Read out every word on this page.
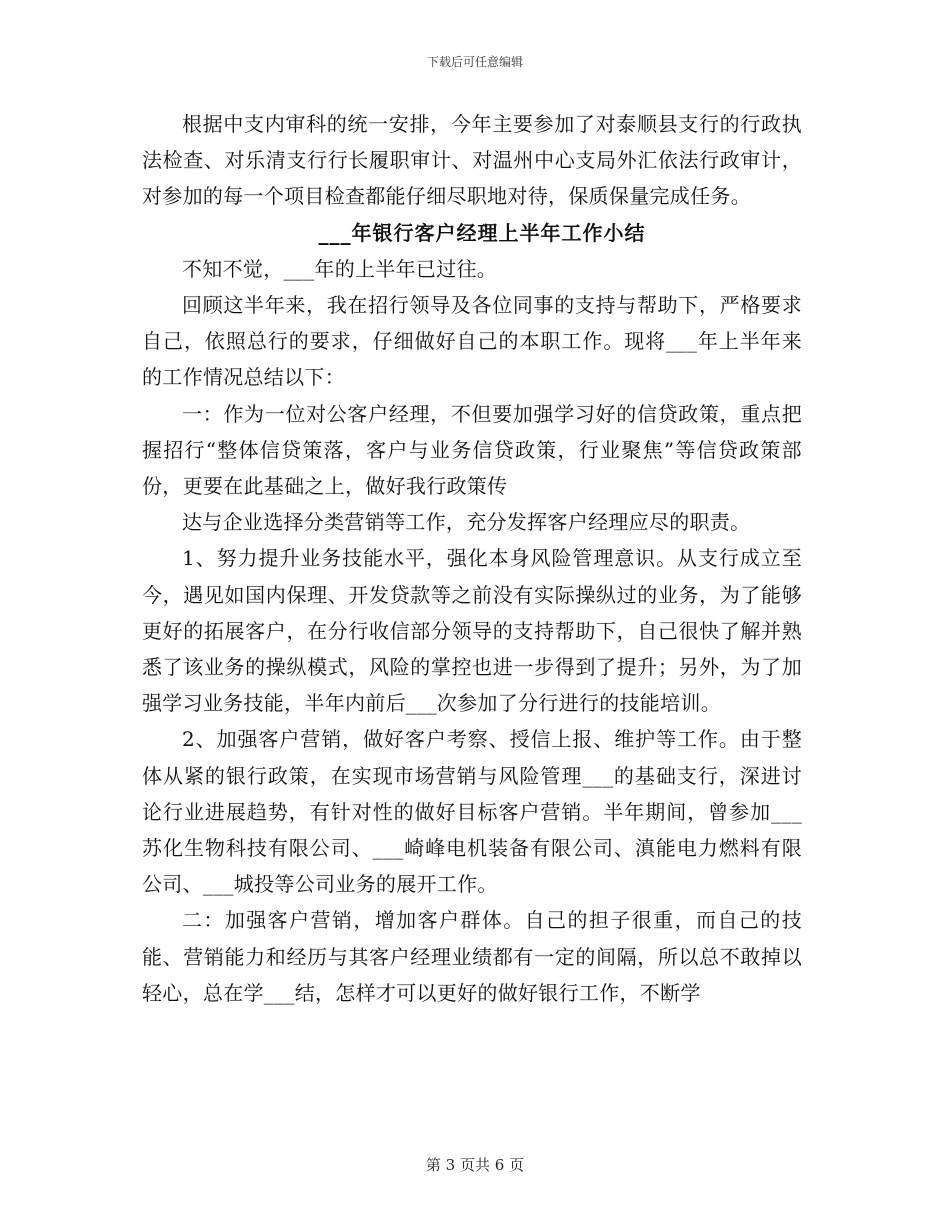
下载后可任意编辑

根据中支内审科的统一安排，今年主要参加了对泰顺县支行的行政执法检查、对乐清支行行长履职审计、对温州中心支局外汇依法行政审计，对参加的每一个项目检查都能仔细尽职地对待，保质保量完成任务。

___年银行客户经理上半年工作小结

不知不觉，___年的上半年已过往。

回顾这半年来，我在招行领导及各位同事的支持与帮助下，严格要求自己，依照总行的要求，仔细做好自己的本职工作。现将___年上半年来的工作情况总结以下：

一：作为一位对公客户经理，不但要加强学习好的信贷政策，重点把握招行“整体信贷策落，客户与业务信贷政策，行业聚焦”等信贷政策部份，更要在此基础之上，做好我行政策传

达与企业选择分类营销等工作，充分发挥客户经理应尽的职责。

1、努力提升业务技能水平，强化本身风险管理意识。从支行成立至今，遇见如国内保理、开发贷款等之前没有实际操纵过的业务，为了能够更好的拓展客户，在分行收信部分领导的支持帮助下，自己很快了解并熟悉了该业务的操纵模式，风险的掌控也进一步得到了提升；另外，为了加强学习业务技能，半年内前后___次参加了分行进行的技能培训。

2、加强客户营销，做好客户考察、授信上报、维护等工作。由于整体从紧的银行政策，在实现市场营销与风险管理___的基础支行，深进讨论行业进展趋势，有针对性的做好目标客户营销。半年期间，曾参加___苏化生物科技有限公司、___崎峰电机装备有限公司、滇能电力燃料有限公司、___城投等公司业务的展开工作。

二：加强客户营销，增加客户群体。自己的担子很重，而自己的技能、营销能力和经历与其客户经理业绩都有一定的间隔，所以总不敢掉以轻心，总在学___结，怎样才可以更好的做好银行工作，不断学

第 3 页共 6 页
